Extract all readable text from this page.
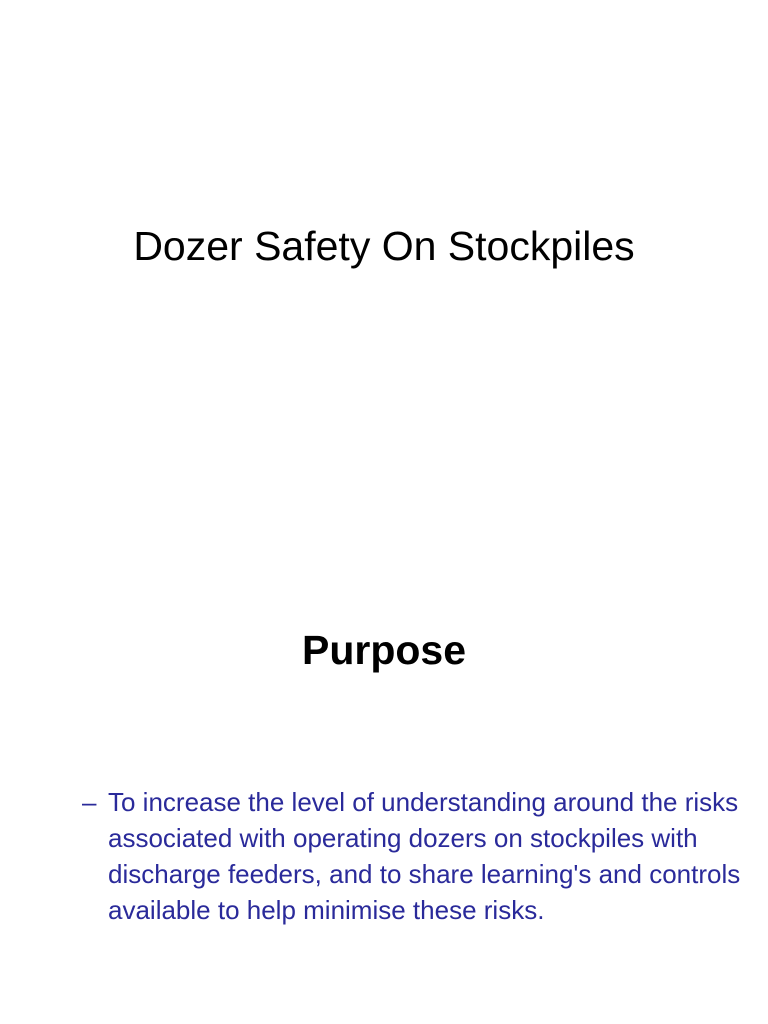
Dozer Safety On Stockpiles
Purpose
– To increase the level of understanding around the risks associated with operating dozers on stockpiles with discharge feeders, and to share learning's and controls available to help minimise these risks.
